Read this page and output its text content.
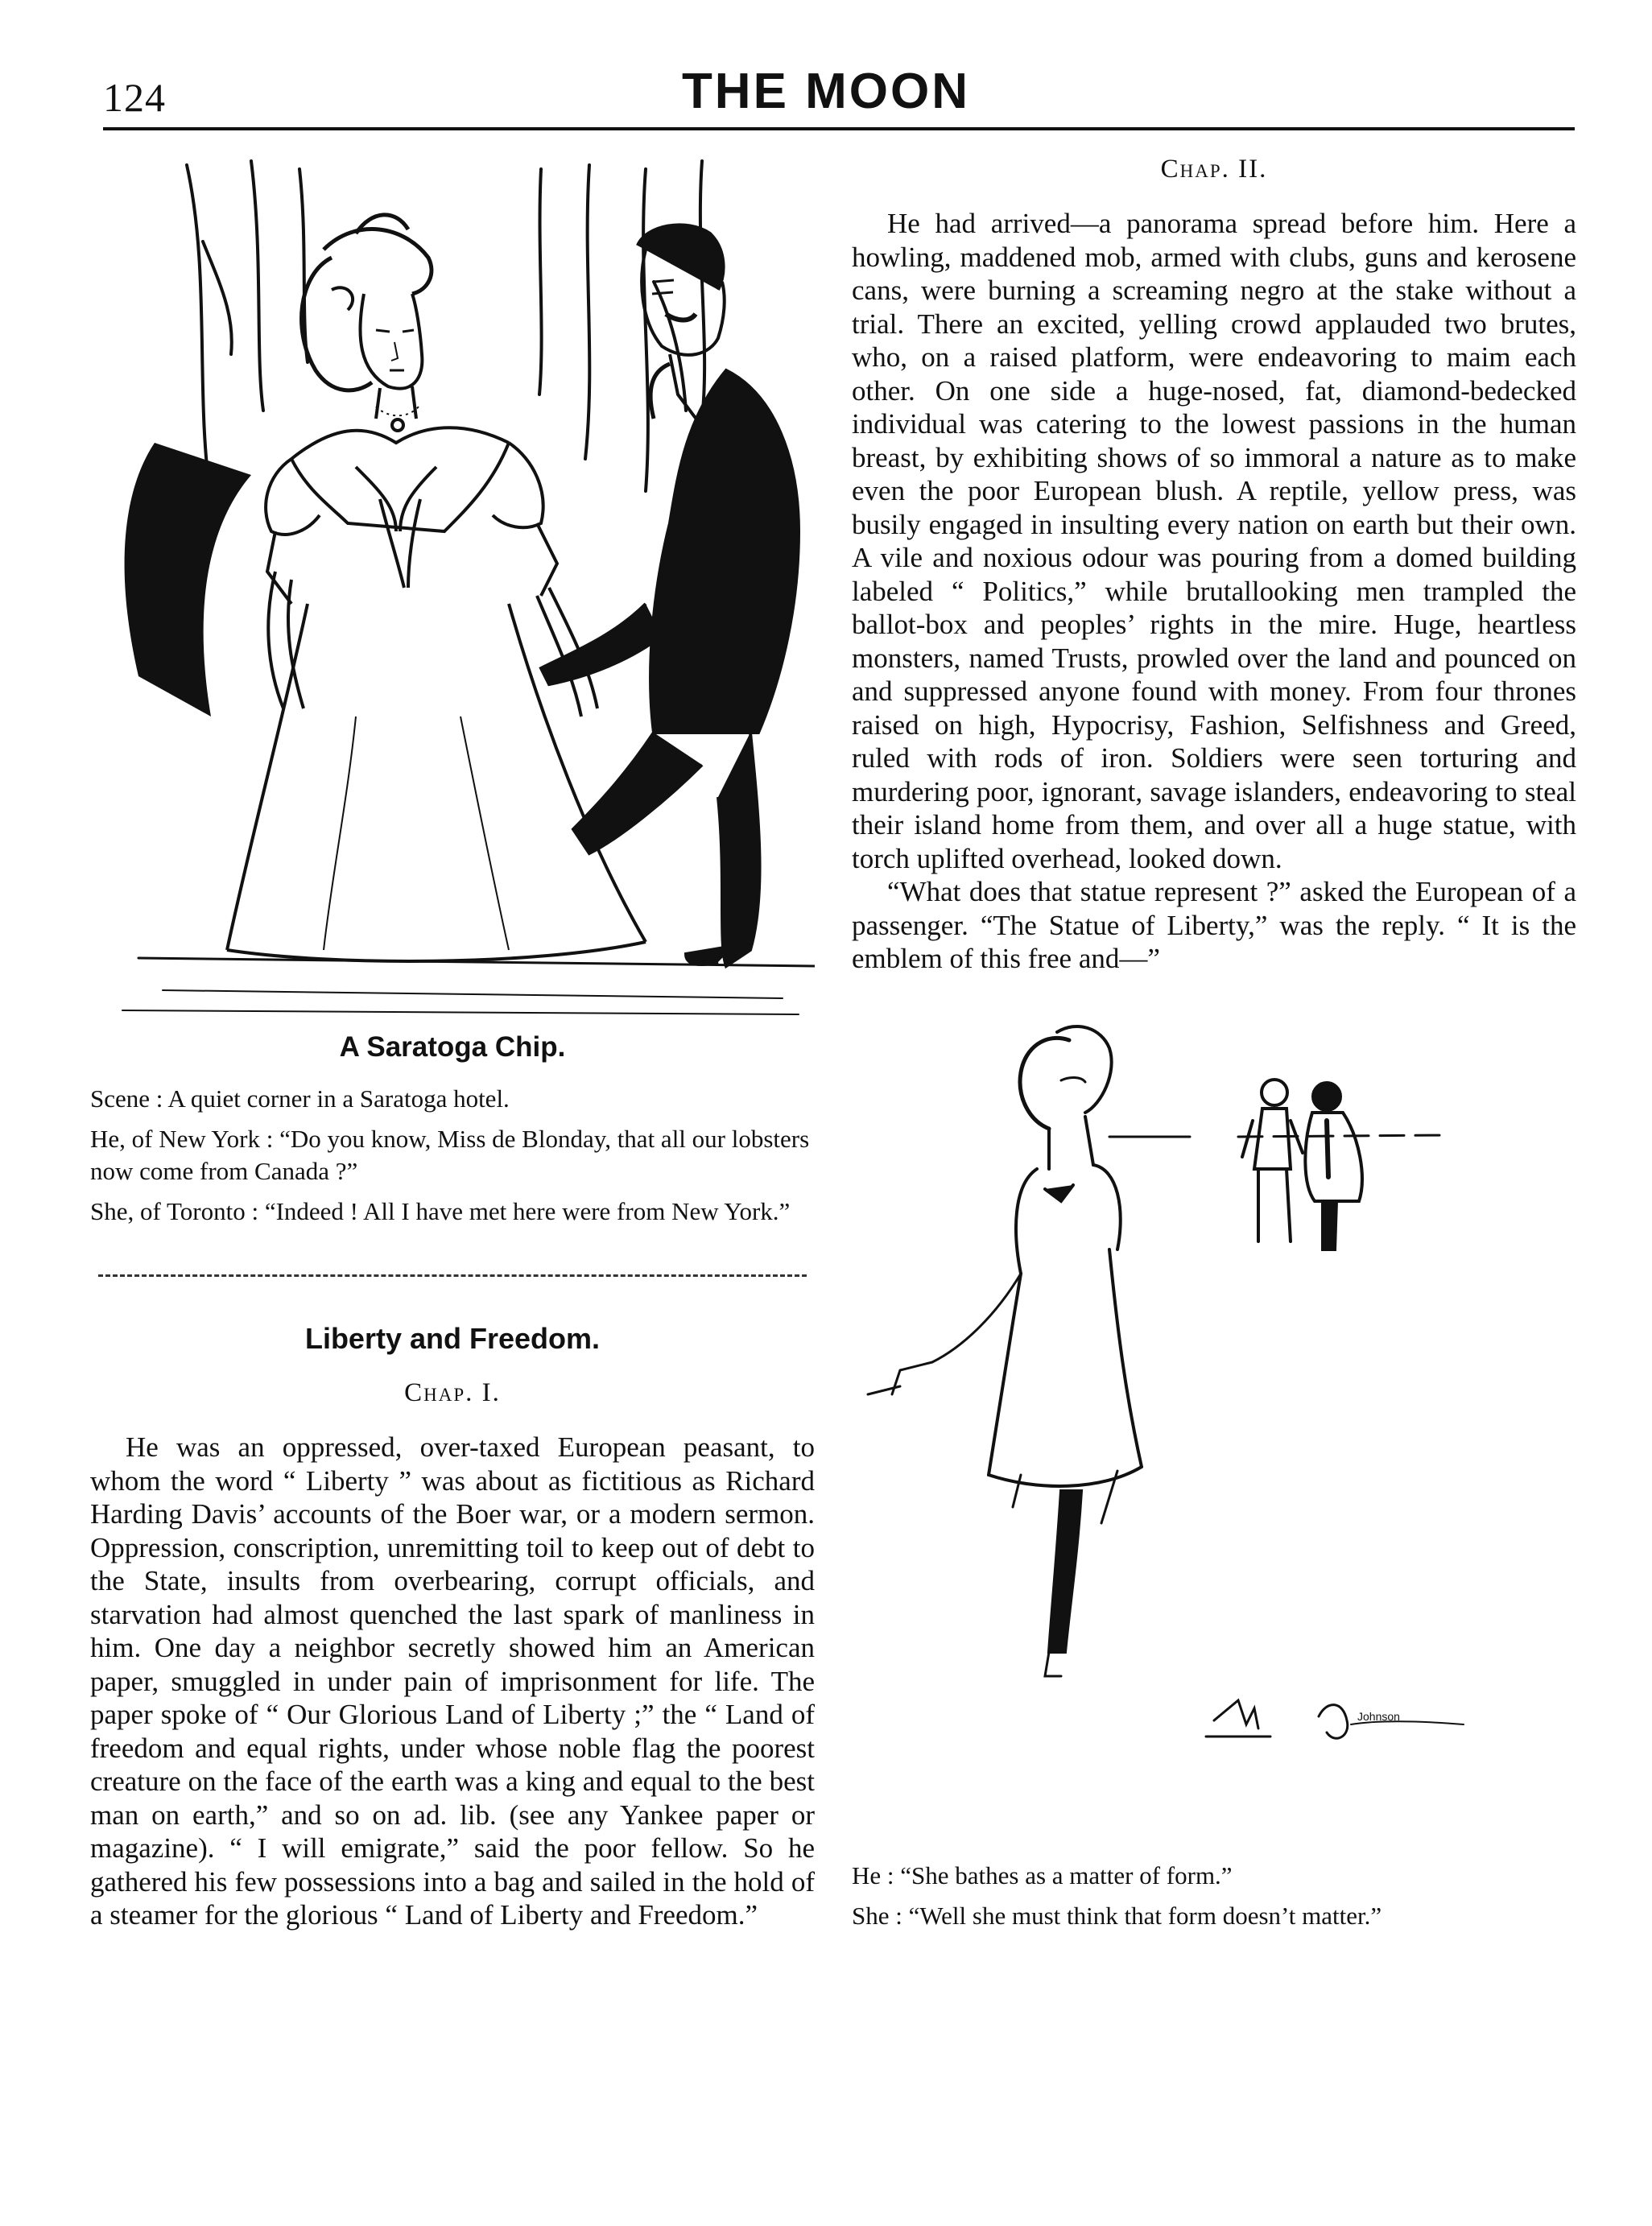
124	THE MOON
A Saratoga Chip.

Scene : A quiet corner in a Saratoga hotel.

He, of New York : “Do you know, Miss de Blonday, that all our lobsters now come from Canada ?”

She, of Toronto : “Indeed ! All I have met here were from New York.”

Liberty and Freedom.
Chap. I.

He was an oppressed, over-taxed European peasant, to whom the word “ Liberty ” was about as fictitious as Richard Harding Davis’ accounts of the Boer war, or a modern sermon. Oppression, conscription, unremitting toil to keep out of debt to the State, insults from overbearing, corrupt officials, and starvation had almost quenched the last spark of manliness in him. One day a neighbor secretly showed him an American paper, smuggled in under pain of imprisonment for life. The paper spoke of “ Our Glorious Land of Liberty ;” the “ Land of freedom and equal rights, under whose noble flag the poorest creature on the face of the earth was a king and equal to the best man on earth,” and so on ad. lib. (see any Yankee paper or magazine). “ I will emigrate,” said the poor fellow. So he gathered his few possessions into a bag and sailed in the hold of a steamer for the glorious “ Land of Liberty and Freedom.”

Chap. II.

He had arrived—a panorama spread before him. Here a howling, maddened mob, armed with clubs, guns and kerosene cans, were burning a screaming negro at the stake without a trial. There an excited, yelling crowd applauded two brutes, who, on a raised platform, were endeavoring to maim each other. On one side a huge-nosed, fat, diamond-bedecked individual was catering to the lowest passions in the human breast, by exhibiting shows of so immoral a nature as to make even the poor European blush. A reptile, yellow press, was busily engaged in insulting every nation on earth but their own. A vile and noxious odour was pouring from a domed building labeled “ Politics,” while brutallooking men trampled the ballot-box and peoples’ rights in the mire. Huge, heartless monsters, named Trusts, prowled over the land and pounced on and suppressed anyone found with money. From four thrones raised on high, Hypocrisy, Fashion, Selfishness and Greed, ruled with rods of iron. Soldiers were seen torturing and murdering poor, ignorant, savage islanders, endeavoring to steal their island home from them, and over all a huge statue, with torch uplifted overhead, looked down.

“What does that statue represent ?” asked the European of a passenger. “The Statue of Liberty,” was the reply. “ It is the emblem of this free and—”

Johnson

He : “She bathes as a matter of form.”

She : “Well she must think that form doesn’t matter.”
